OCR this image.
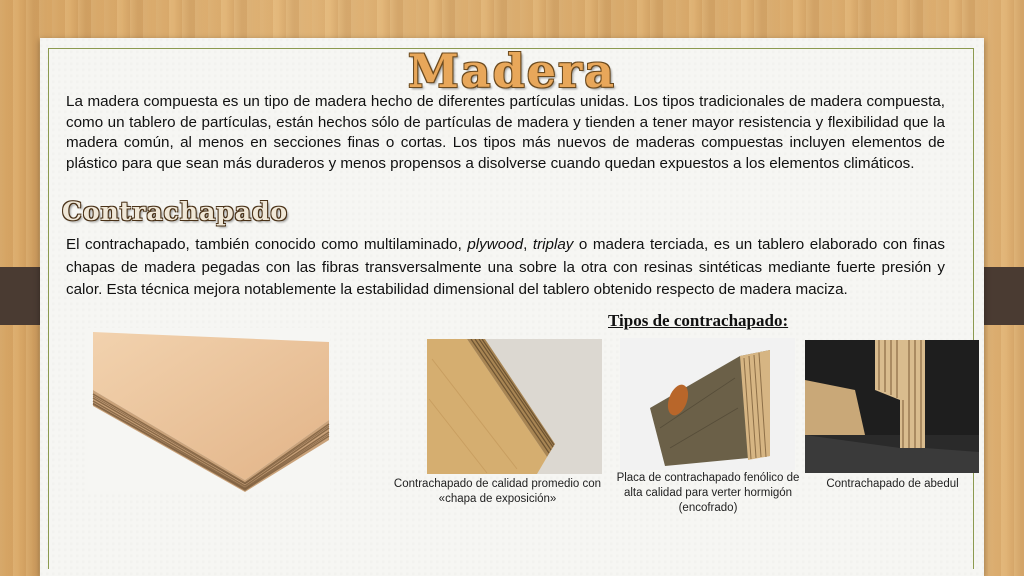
Madera

La madera compuesta es un tipo de madera hecho de diferentes partículas unidas. Los tipos tradicionales de madera compuesta, como un tablero de partículas, están hechos sólo de partículas de madera y tienden a tener mayor resistencia y flexibilidad que la madera común, al menos en secciones finas o cortas. Los tipos más nuevos de maderas compuestas incluyen elementos de plástico para que sean más duraderos y menos propensos a disolverse cuando quedan expuestos a los elementos climáticos.

Contrachapado

El contrachapado, también conocido como multilaminado, plywood, triplay o madera terciada, es un tablero elaborado con finas chapas de madera pegadas con las fibras transversalmente una sobre la otra con resinas sintéticas mediante fuerte presión y calor. Esta técnica mejora notablemente la estabilidad dimensional del tablero obtenido respecto de madera maciza.

Tipos de contrachapado:
Contrachapado de calidad promedio con «chapa de exposición»
Placa de contrachapado fenólico de alta calidad para verter hormigón (encofrado)
Contrachapado de abedul
